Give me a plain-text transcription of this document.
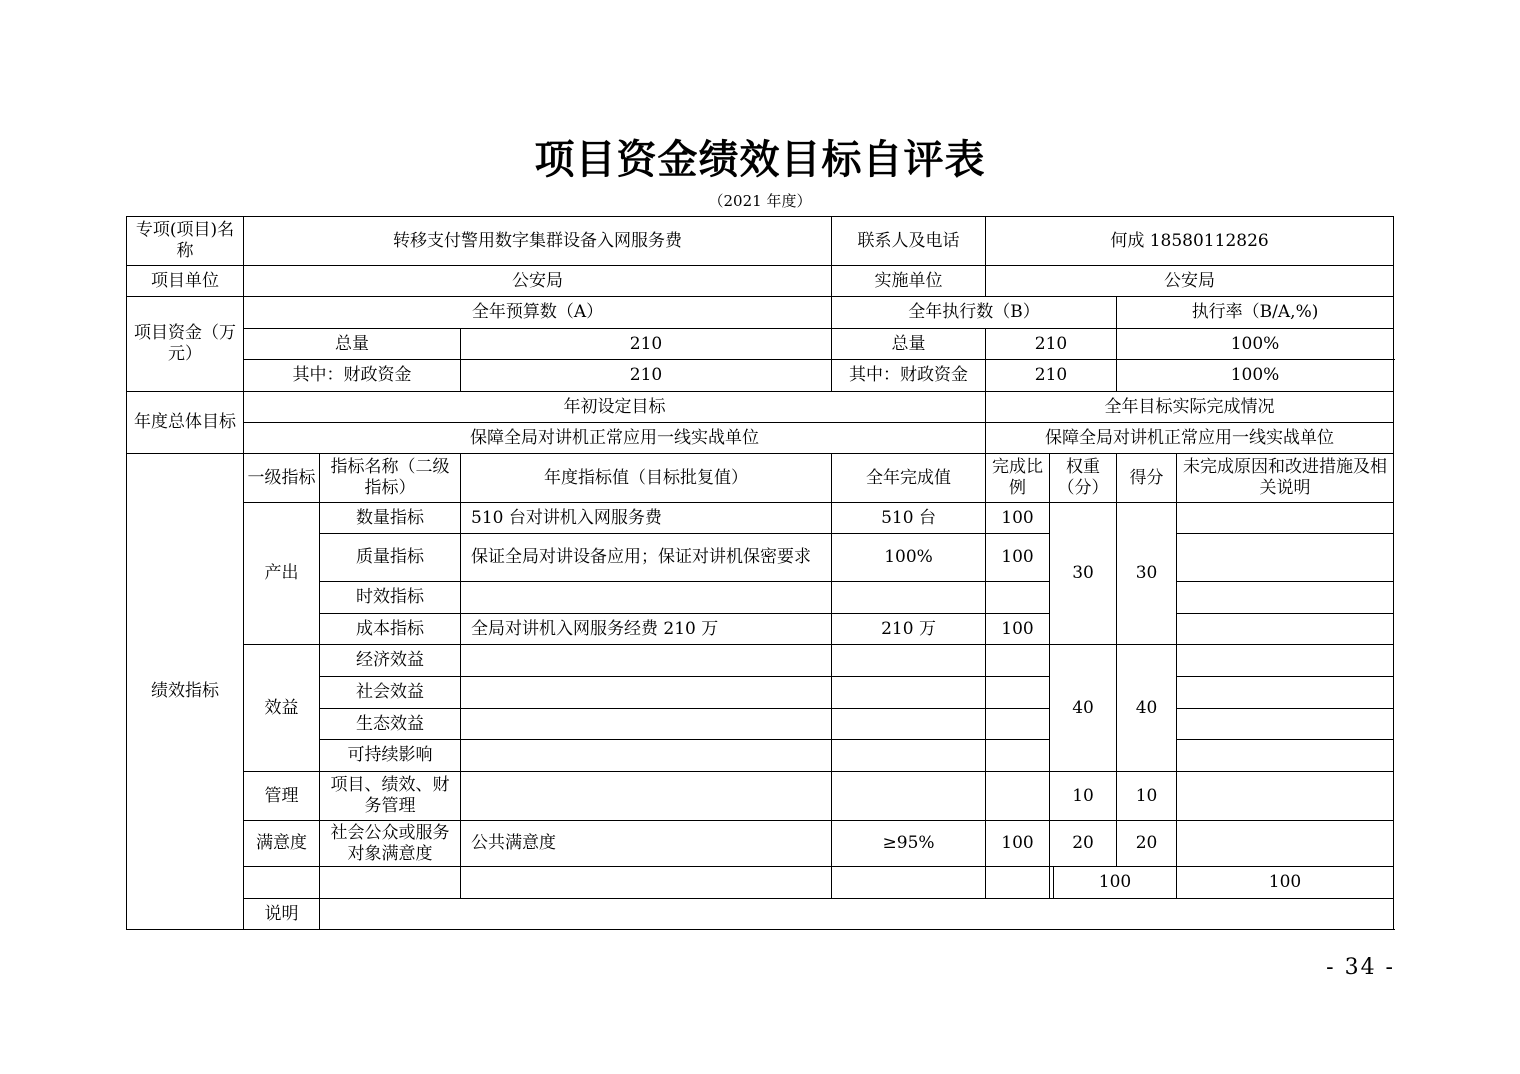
项目资金绩效目标自评表
（2021 年度）
专项(项目)名称	转移支付警用数字集群设备入网服务费			联系人及电话	何成 18580112826					
项目单位	公安局			实施单位	公安局					
项目资金（万元）	全年预算数（A）			全年执行数（B）				执行率（B/A,%)		
	总量		210	总量	210			100%		
	其中：财政资金		210	其中：财政资金	210			100%		
年度总体目标	年初设定目标				全年目标实际完成情况					
	保障全局对讲机正常应用一线实战单位				保障全局对讲机正常应用一线实战单位					
绩效指标	一级指标	指标名称（二级指标）	年度指标值（目标批复值）	全年完成值	完成比例	权重（分）		得分	未完成原因和改进措施及相关说明	
	产出	数量指标	510 台对讲机入网服务费	510 台	100	30		30		
		质量指标	保证全局对讲设备应用；保证对讲机保密要求	100%	100					
		时效指标								
		成本指标	全局对讲机入网服务经费 210 万	210 万	100					
	效益	经济效益				40		40		
		社会效益								
		生态效益								
		可持续影响								
	管理	项目、绩效、财务管理				10		10		
	满意度	社会公众或服务对象满意度	公共满意度	≥95%	100	20		20		
							100		100	
	说明									
- 34 -
